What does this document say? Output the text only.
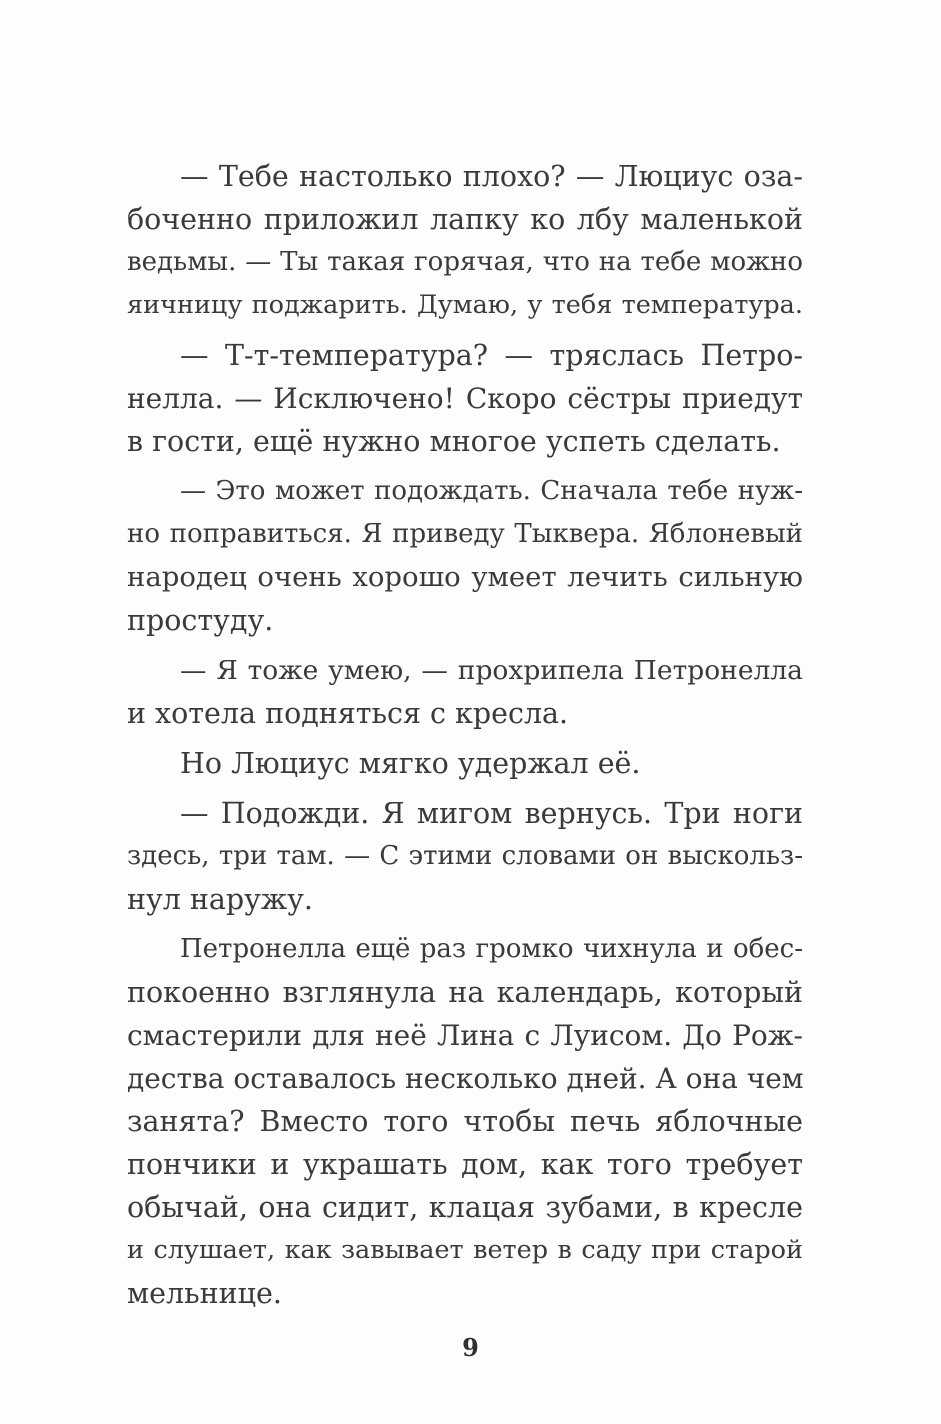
— Тебе настолько плохо? — Люциус оза-
боченно приложил лапку ко лбу маленькой
ведьмы. — Ты такая горячая, что на тебе можно
яичницу поджарить. Думаю, у тебя температура.
— Т-т-температура? — тряслась Петро-
нелла. — Исключено! Скоро сёстры приедут
в гости, ещё нужно многое успеть сделать.
— Это может подождать. Сначала тебе нуж-
но поправиться. Я приведу Тыквера. Яблоневый
народец очень хорошо умеет лечить сильную
простуду.
— Я тоже умею, — прохрипела Петронелла
и хотела подняться с кресла.
Но Люциус мягко удержал её.
— Подожди. Я мигом вернусь. Три ноги
здесь, три там. — С этими словами он выскольз-
нул наружу.
Петронелла ещё раз громко чихнула и обес-
покоенно взглянула на календарь, который
смастерили для неё Лина с Луисом. До Рож-
дества оставалось несколько дней. А она чем
занята? Вместо того чтобы печь яблочные
пончики и украшать дом, как того требует
обычай, она сидит, клацая зубами, в кресле
и слушает, как завывает ветер в саду при старой
мельнице.
9
